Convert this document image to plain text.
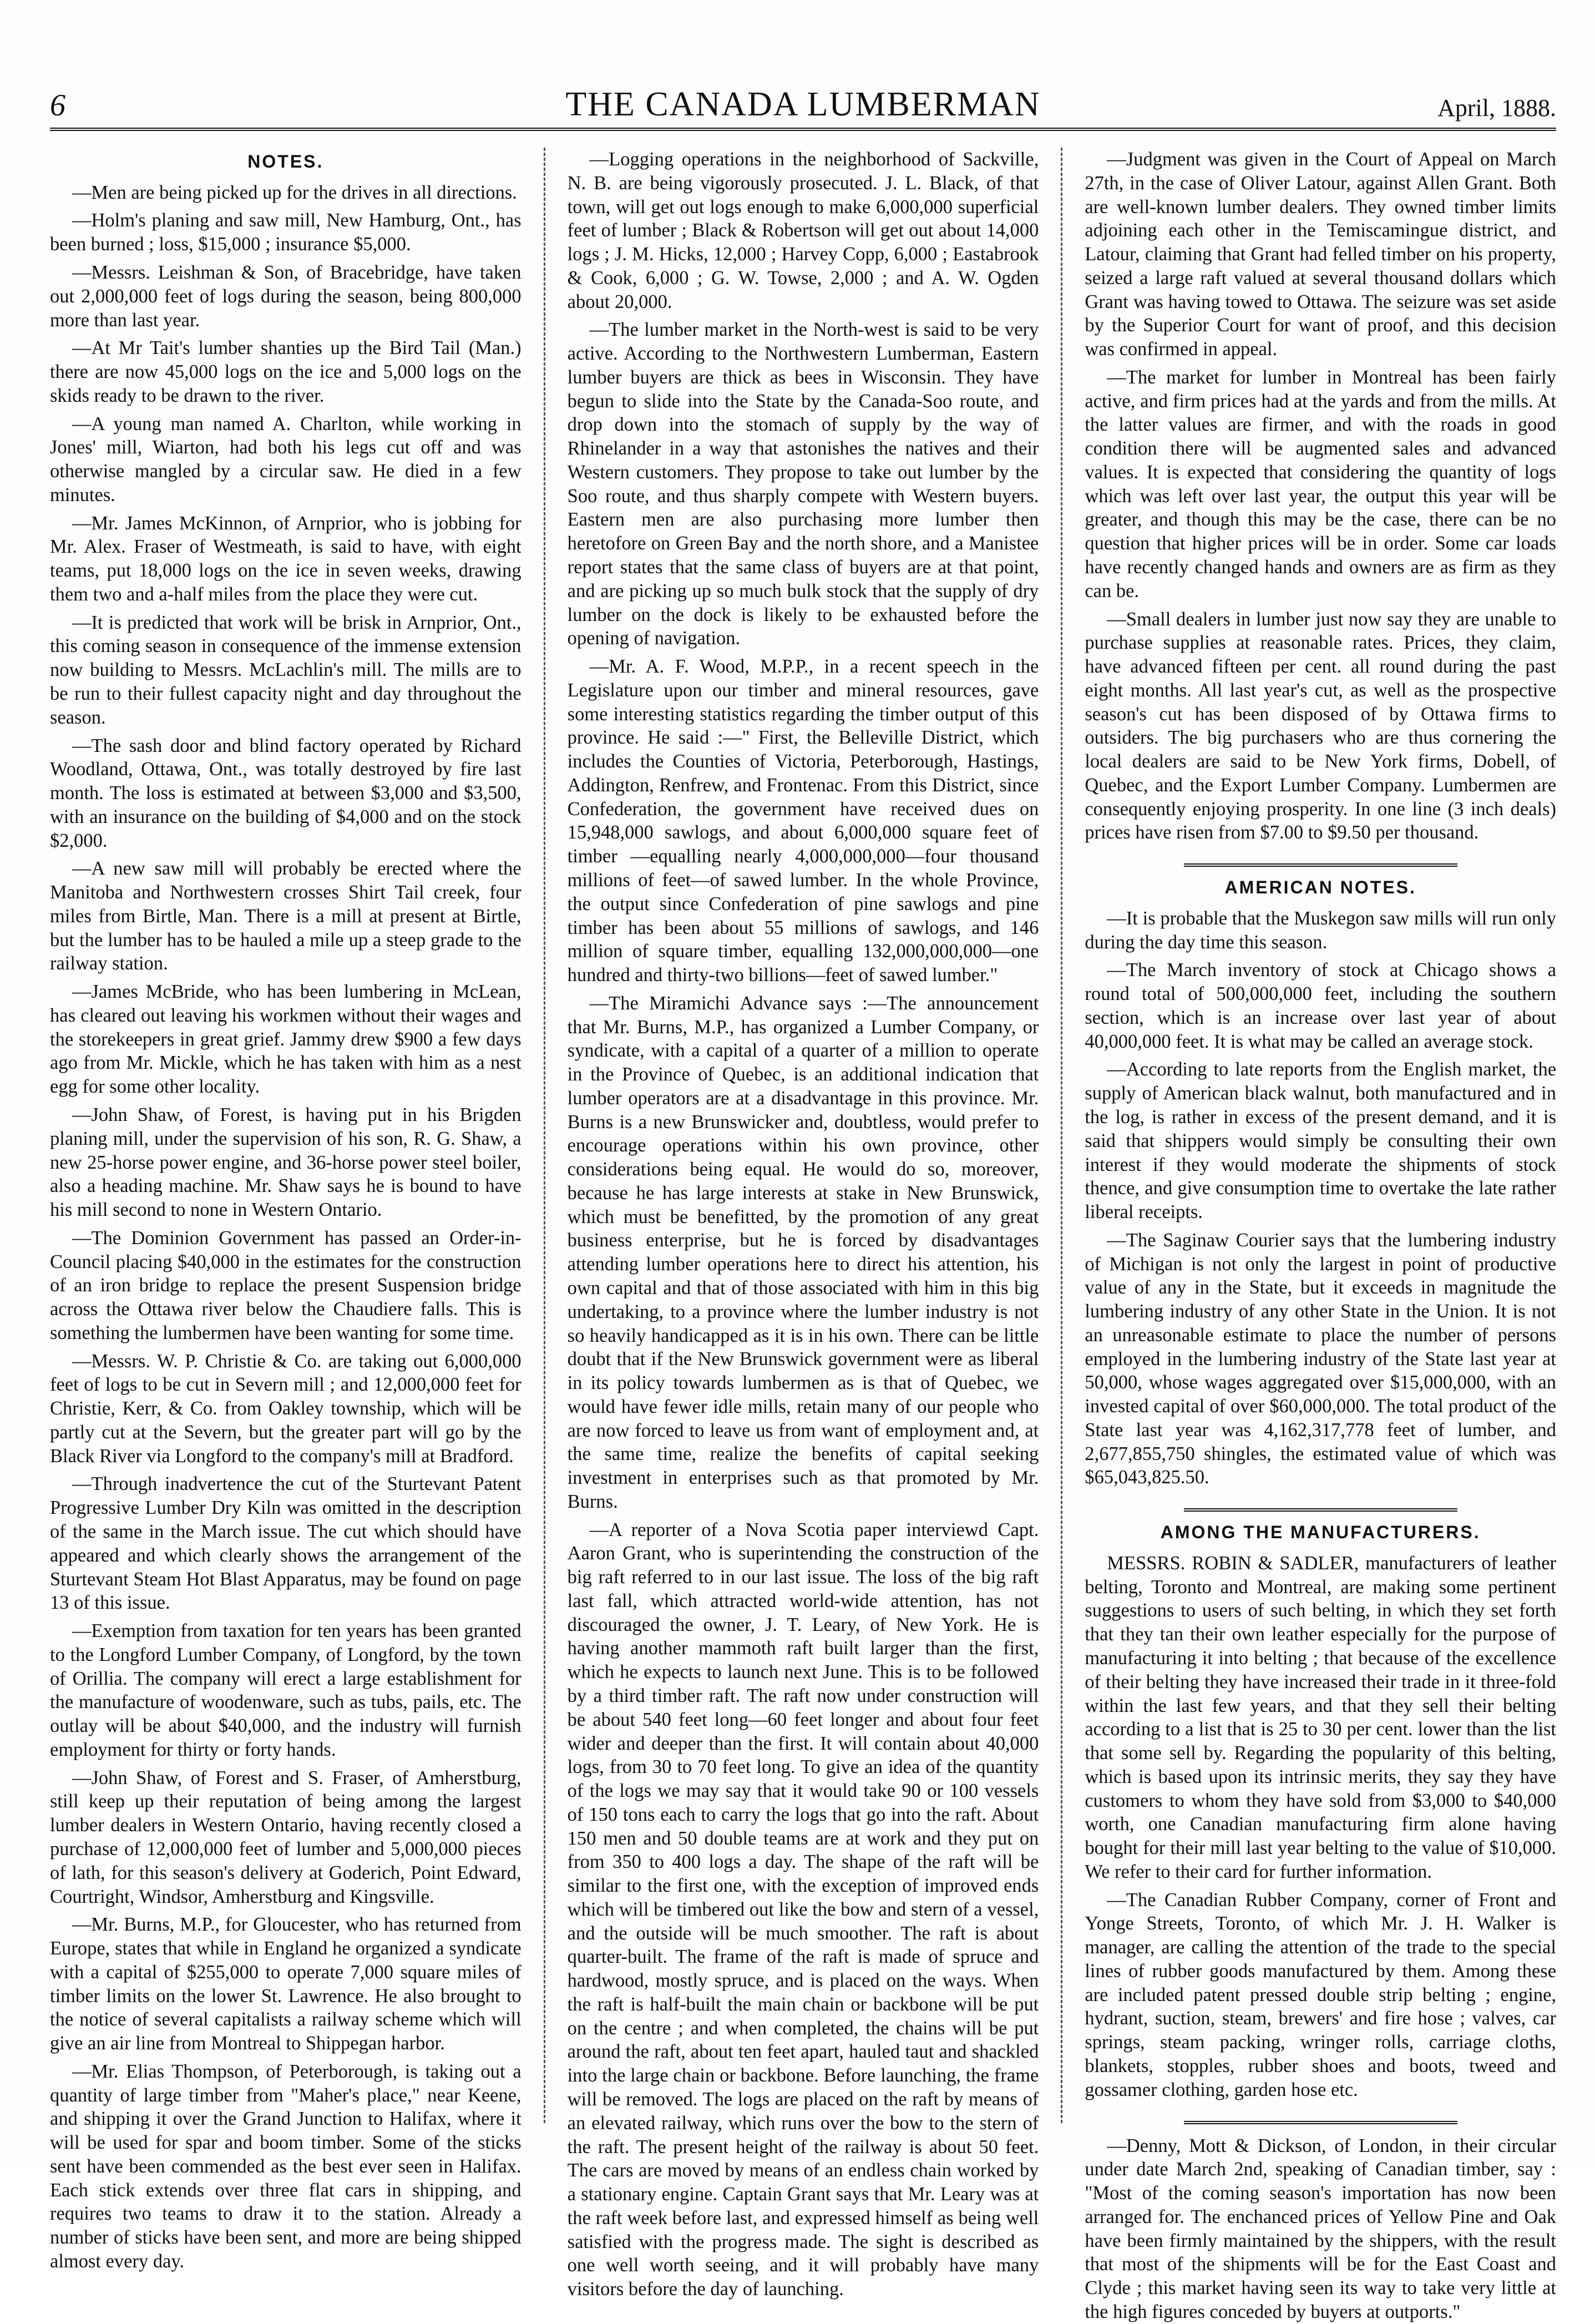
6	THE CANADA LUMBERMAN	April, 1888.
NOTES.

—Men are being picked up for the drives in all directions.

—Holm's planing and saw mill, New Hamburg, Ont., has been burned ; loss, $15,000 ; insurance $5,000.

—Messrs. Leishman & Son, of Bracebridge, have taken out 2,000,000 feet of logs during the season, being 800,000 more than last year.

—At Mr Tait's lumber shanties up the Bird Tail (Man.) there are now 45,000 logs on the ice and 5,000 logs on the skids ready to be drawn to the river.

—A young man named A. Charlton, while working in Jones' mill, Wiarton, had both his legs cut off and was otherwise mangled by a circular saw. He died in a few minutes.

—Mr. James McKinnon, of Arnprior, who is jobbing for Mr. Alex. Fraser of Westmeath, is said to have, with eight teams, put 18,000 logs on the ice in seven weeks, drawing them two and a-half miles from the place they were cut.

—It is predicted that work will be brisk in Arnprior, Ont., this coming season in consequence of the immense extension now building to Messrs. McLachlin's mill. The mills are to be run to their fullest capacity night and day throughout the season.

—The sash door and blind factory operated by Richard Woodland, Ottawa, Ont., was totally destroyed by fire last month. The loss is estimated at between $3,000 and $3,500, with an insurance on the building of $4,000 and on the stock $2,000.

—A new saw mill will probably be erected where the Manitoba and Northwestern crosses Shirt Tail creek, four miles from Birtle, Man. There is a mill at present at Birtle, but the lumber has to be hauled a mile up a steep grade to the railway station.

—James McBride, who has been lumbering in McLean, has cleared out leaving his workmen without their wages and the storekeepers in great grief. Jammy drew $900 a few days ago from Mr. Mickle, which he has taken with him as a nest egg for some other locality.

—John Shaw, of Forest, is having put in his Brigden planing mill, under the supervision of his son, R. G. Shaw, a new 25-horse power engine, and 36-horse power steel boiler, also a heading machine. Mr. Shaw says he is bound to have his mill second to none in Western Ontario.

—The Dominion Government has passed an Order-in-Council placing $40,000 in the estimates for the construction of an iron bridge to replace the present Suspension bridge across the Ottawa river below the Chaudiere falls. This is something the lumbermen have been wanting for some time.

—Messrs. W. P. Christie & Co. are taking out 6,000,000 feet of logs to be cut in Severn mill ; and 12,000,000 feet for Christie, Kerr, & Co. from Oakley township, which will be partly cut at the Severn, but the greater part will go by the Black River via Longford to the company's mill at Bradford.

—Through inadvertence the cut of the Sturtevant Patent Progressive Lumber Dry Kiln was omitted in the description of the same in the March issue. The cut which should have appeared and which clearly shows the arrangement of the Sturtevant Steam Hot Blast Apparatus, may be found on page 13 of this issue.

—Exemption from taxation for ten years has been granted to the Longford Lumber Company, of Longford, by the town of Orillia. The company will erect a large establishment for the manufacture of woodenware, such as tubs, pails, etc. The outlay will be about $40,000, and the industry will furnish employment for thirty or forty hands.

—John Shaw, of Forest and S. Fraser, of Amherstburg, still keep up their reputation of being among the largest lumber dealers in Western Ontario, having recently closed a purchase of 12,000,000 feet of lumber and 5,000,000 pieces of lath, for this season's delivery at Goderich, Point Edward, Courtright, Windsor, Amherstburg and Kingsville.

—Mr. Burns, M.P., for Gloucester, who has returned from Europe, states that while in England he organized a syndicate with a capital of $255,000 to operate 7,000 square miles of timber limits on the lower St. Lawrence. He also brought to the notice of several capitalists a railway scheme which will give an air line from Montreal to Shippegan harbor.

—Mr. Elias Thompson, of Peterborough, is taking out a quantity of large timber from "Maher's place," near Keene, and shipping it over the Grand Junction to Halifax, where it will be used for spar and boom timber. Some of the sticks sent have been commended as the best ever seen in Halifax. Each stick extends over three flat cars in shipping, and requires two teams to draw it to the station. Already a number of sticks have been sent, and more are being shipped almost every day.

—Logging operations in the neighborhood of Sackville, N. B. are being vigorously prosecuted. J. L. Black, of that town, will get out logs enough to make 6,000,000 superficial feet of lumber ; Black & Robertson will get out about 14,000 logs ; J. M. Hicks, 12,000 ; Harvey Copp, 6,000 ; Eastabrook & Cook, 6,000 ; G. W. Towse, 2,000 ; and A. W. Ogden about 20,000.

—The lumber market in the North-west is said to be very active. According to the Northwestern Lumberman, Eastern lumber buyers are thick as bees in Wisconsin. They have begun to slide into the State by the Canada-Soo route, and drop down into the stomach of supply by the way of Rhinelander in a way that astonishes the natives and their Western customers. They propose to take out lumber by the Soo route, and thus sharply compete with Western buyers. Eastern men are also purchasing more lumber then heretofore on Green Bay and the north shore, and a Manistee report states that the same class of buyers are at that point, and are picking up so much bulk stock that the supply of dry lumber on the dock is likely to be exhausted before the opening of navigation.

—Mr. A. F. Wood, M.P.P., in a recent speech in the Legislature upon our timber and mineral resources, gave some interesting statistics regarding the timber output of this province. He said :—" First, the Belleville District, which includes the Counties of Victoria, Peterborough, Hastings, Addington, Renfrew, and Frontenac. From this District, since Confederation, the government have received dues on 15,948,000 sawlogs, and about 6,000,000 square feet of timber —equalling nearly 4,000,000,000—four thousand millions of feet—of sawed lumber. In the whole Province, the output since Confederation of pine sawlogs and pine timber has been about 55 millions of sawlogs, and 146 million of square timber, equalling 132,000,000,000—one hundred and thirty-two billions—feet of sawed lumber."

—The Miramichi Advance says :—The announcement that Mr. Burns, M.P., has organized a Lumber Company, or syndicate, with a capital of a quarter of a million to operate in the Province of Quebec, is an additional indication that lumber operators are at a disadvantage in this province. Mr. Burns is a new Brunswicker and, doubtless, would prefer to encourage operations within his own province, other considerations being equal. He would do so, moreover, because he has large interests at stake in New Brunswick, which must be benefitted, by the promotion of any great business enterprise, but he is forced by disadvantages attending lumber operations here to direct his attention, his own capital and that of those associated with him in this big undertaking, to a province where the lumber industry is not so heavily handicapped as it is in his own. There can be little doubt that if the New Brunswick government were as liberal in its policy towards lumbermen as is that of Quebec, we would have fewer idle mills, retain many of our people who are now forced to leave us from want of employment and, at the same time, realize the benefits of capital seeking investment in enterprises such as that promoted by Mr. Burns.

—A reporter of a Nova Scotia paper interviewd Capt. Aaron Grant, who is superintending the construction of the big raft referred to in our last issue. The loss of the big raft last fall, which attracted world-wide attention, has not discouraged the owner, J. T. Leary, of New York. He is having another mammoth raft built larger than the first, which he expects to launch next June. This is to be followed by a third timber raft. The raft now under construction will be about 540 feet long—60 feet longer and about four feet wider and deeper than the first. It will contain about 40,000 logs, from 30 to 70 feet long. To give an idea of the quantity of the logs we may say that it would take 90 or 100 vessels of 150 tons each to carry the logs that go into the raft. About 150 men and 50 double teams are at work and they put on from 350 to 400 logs a day. The shape of the raft will be similar to the first one, with the exception of improved ends which will be timbered out like the bow and stern of a vessel, and the outside will be much smoother. The raft is about quarter-built. The frame of the raft is made of spruce and hardwood, mostly spruce, and is placed on the ways. When the raft is half-built the main chain or backbone will be put on the centre ; and when completed, the chains will be put around the raft, about ten feet apart, hauled taut and shackled into the large chain or backbone. Before launching, the frame will be removed. The logs are placed on the raft by means of an elevated railway, which runs over the bow to the stern of the raft. The present height of the railway is about 50 feet. The cars are moved by means of an endless chain worked by a stationary engine. Captain Grant says that Mr. Leary was at the raft week before last, and expressed himself as being well satisfied with the progress made. The sight is described as one well worth seeing, and it will probably have many visitors before the day of launching.

—Judgment was given in the Court of Appeal on March 27th, in the case of Oliver Latour, against Allen Grant. Both are well-known lumber dealers. They owned timber limits adjoining each other in the Temiscamingue district, and Latour, claiming that Grant had felled timber on his property, seized a large raft valued at several thousand dollars which Grant was having towed to Ottawa. The seizure was set aside by the Superior Court for want of proof, and this decision was confirmed in appeal.

—The market for lumber in Montreal has been fairly active, and firm prices had at the yards and from the mills. At the latter values are firmer, and with the roads in good condition there will be augmented sales and advanced values. It is expected that considering the quantity of logs which was left over last year, the output this year will be greater, and though this may be the case, there can be no question that higher prices will be in order. Some car loads have recently changed hands and owners are as firm as they can be.

—Small dealers in lumber just now say they are unable to purchase supplies at reasonable rates. Prices, they claim, have advanced fifteen per cent. all round during the past eight months. All last year's cut, as well as the prospective season's cut has been disposed of by Ottawa firms to outsiders. The big purchasers who are thus cornering the local dealers are said to be New York firms, Dobell, of Quebec, and the Export Lumber Company. Lumbermen are consequently enjoying prosperity. In one line (3 inch deals) prices have risen from $7.00 to $9.50 per thousand.

AMERICAN NOTES.

—It is probable that the Muskegon saw mills will run only during the day time this season.

—The March inventory of stock at Chicago shows a round total of 500,000,000 feet, including the southern section, which is an increase over last year of about 40,000,000 feet. It is what may be called an average stock.

—According to late reports from the English market, the supply of American black walnut, both manufactured and in the log, is rather in excess of the present demand, and it is said that shippers would simply be consulting their own interest if they would moderate the shipments of stock thence, and give consumption time to overtake the late rather liberal receipts.

—The Saginaw Courier says that the lumbering industry of Michigan is not only the largest in point of productive value of any in the State, but it exceeds in magnitude the lumbering industry of any other State in the Union. It is not an unreasonable estimate to place the number of persons employed in the lumbering industry of the State last year at 50,000, whose wages aggregated over $15,000,000, with an invested capital of over $60,000,000. The total product of the State last year was 4,162,317,778 feet of lumber, and 2,677,855,750 shingles, the estimated value of which was $65,043,825.50.

AMONG THE MANUFACTURERS.

MESSRS. ROBIN & SADLER, manufacturers of leather belting, Toronto and Montreal, are making some pertinent suggestions to users of such belting, in which they set forth that they tan their own leather especially for the purpose of manufacturing it into belting ; that because of the excellence of their belting they have increased their trade in it three-fold within the last few years, and that they sell their belting according to a list that is 25 to 30 per cent. lower than the list that some sell by. Regarding the popularity of this belting, which is based upon its intrinsic merits, they say they have customers to whom they have sold from $3,000 to $40,000 worth, one Canadian manufacturing firm alone having bought for their mill last year belting to the value of $10,000. We refer to their card for further information.

—The Canadian Rubber Company, corner of Front and Yonge Streets, Toronto, of which Mr. J. H. Walker is manager, are calling the attention of the trade to the special lines of rubber goods manufactured by them. Among these are included patent pressed double strip belting ; engine, hydrant, suction, steam, brewers' and fire hose ; valves, car springs, steam packing, wringer rolls, carriage cloths, blankets, stopples, rubber shoes and boots, tweed and gossamer clothing, garden hose etc.

—Denny, Mott & Dickson, of London, in their circular under date March 2nd, speaking of Canadian timber, say : "Most of the coming season's importation has now been arranged for. The enchanced prices of Yellow Pine and Oak have been firmly maintained by the shippers, with the result that most of the shipments will be for the East Coast and Clyde ; this market having seen its way to take very little at the high figures conceded by buyers at outports."
